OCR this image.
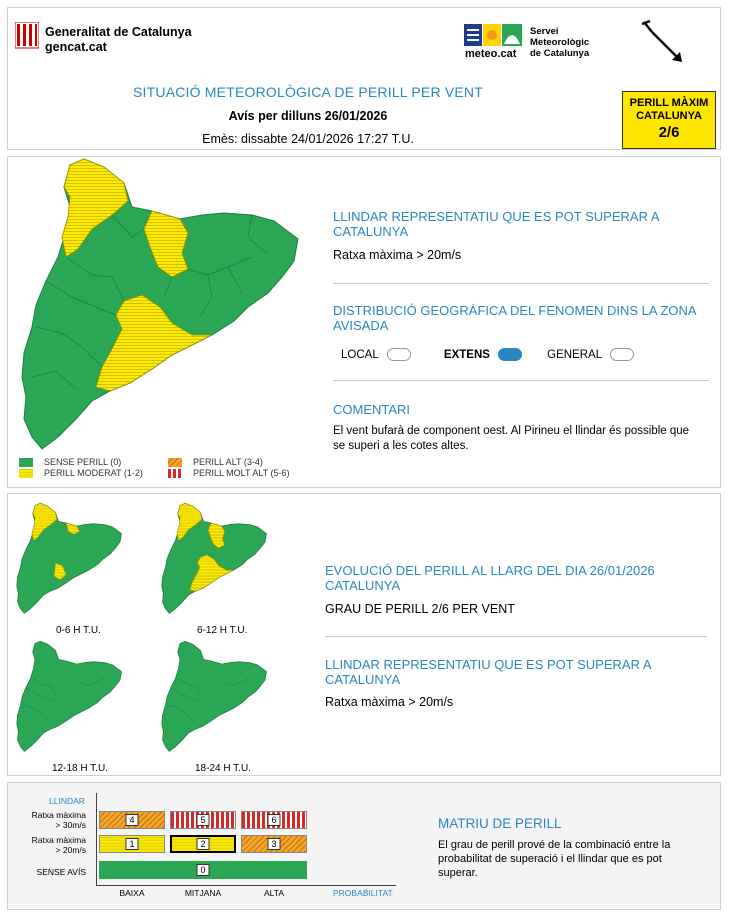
Generalitat de Catalunya
gencat.cat	meteo.cat
Servei
Meteorològic
de Catalunya
SITUACIÓ METEOROLÒGICA DE PERILL PER VENT
Avís per dilluns 26/01/2026
Emès: dissabte 24/01/2026 17:27 T.U.
PERILL MÀXIM
CATALUNYA
2/6
SENSE PERILL (0)
PERILL MODERAT (1-2)
PERILL ALT (3-4)
PERILL MOLT ALT (5-6)
LLINDAR REPRESENTATIU QUE ES POT SUPERAR A CATALUNYA
Ratxa màxima > 20m/s
DISTRIBUCIÓ GEOGRÀFICA DEL FENOMEN DINS LA ZONA AVISADA
LOCAL	EXTENS	GENERAL
COMENTARI
El vent bufarà de component oest. Al Pirineu el llindar és possible que se superi a les cotes altes.
0-6 H T.U.	6-12 H T.U.
12-18 H T.U.	18-24 H T.U.
EVOLUCIÓ DEL PERILL AL LLARG DEL DIA 26/01/2026 CATALUNYA
GRAU DE PERILL 2/6 PER VENT
LLINDAR REPRESENTATIU QUE ES POT SUPERAR A CATALUNYA
Ratxa màxima > 20m/s
LLINDAR
Ratxa màxima
> 30m/s
Ratxa màxima
> 20m/s
SENSE AVÍS
4	5	6
1	2	3
0
BAIXA	MITJANA	ALTA	PROBABILITAT
MATRIU DE PERILL
El grau de perill prové de la combinació entre la probabilitat de superació i el llindar que es pot superar.
